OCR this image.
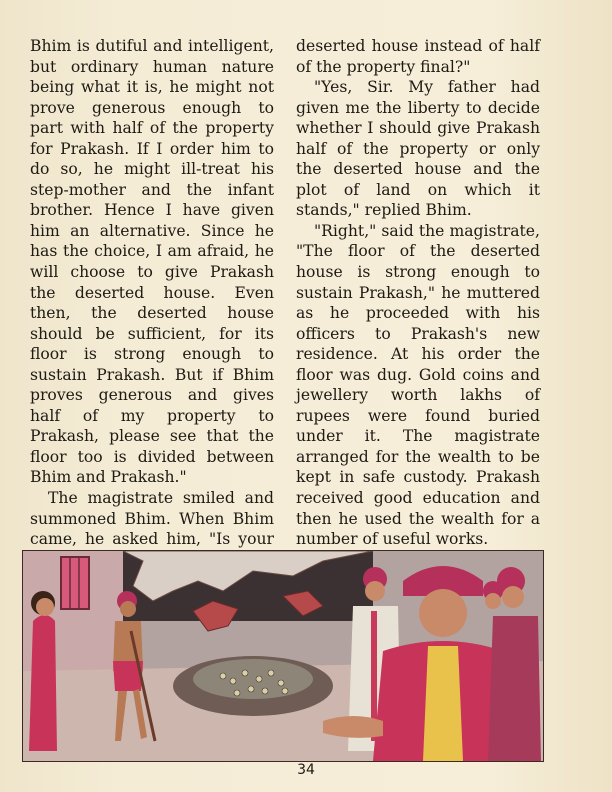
Bhim is dutiful and intelligent, but ordinary human nature being what it is, he might not prove generous enough to part with half of the property for Prakash. If I order him to do so, he might ill-treat his step-mother and the infant brother. Hence I have given him an alternative. Since he has the choice, I am afraid, he will choose to give Prakash the deserted house. Even then, the deserted house should be sufficient, for its floor is strong enough to sustain Prakash. But if Bhim proves generous and gives half of my property to Prakash, please see that the floor too is divided between Bhim and Prakash."

The magistrate smiled and summoned Bhim. When Bhim came, he asked him, "Is your

deserted house instead of half of the property final?"

"Yes, Sir. My father had given me the liberty to decide whether I should give Prakash half of the property or only the deserted house and the plot of land on which it stands," replied Bhim.

"Right," said the magistrate, "The floor of the deserted house is strong enough to sustain Prakash," he muttered as he proceeded with his officers to Prakash's new residence. At his order the floor was dug. Gold coins and jewellery worth lakhs of rupees were found buried under it. The magistrate arranged for the wealth to be kept in safe custody. Prakash received good education and then he used the wealth for a number of useful works.

34
